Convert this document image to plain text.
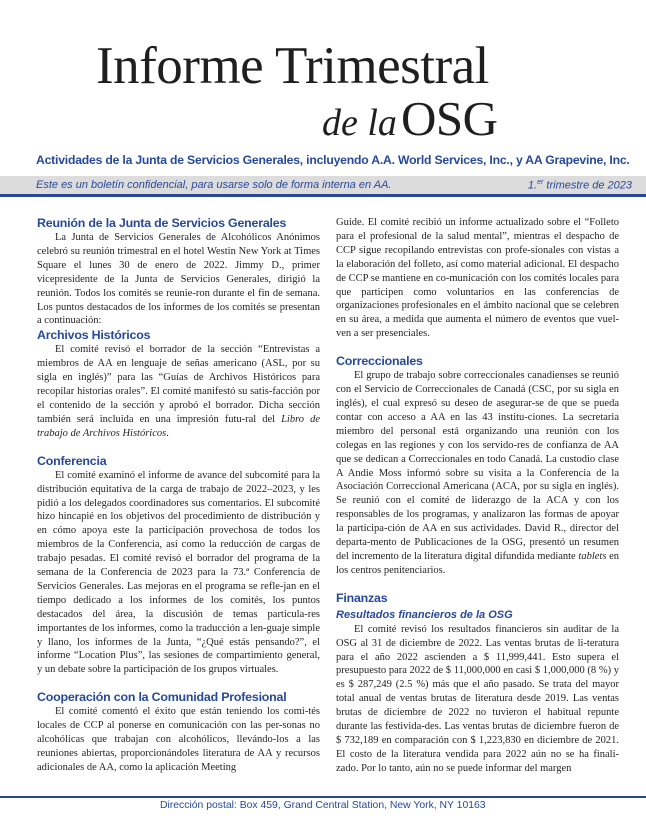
Informe Trimestral
de la OSG
Actividades de la Junta de Servicios Generales, incluyendo A.A. World Services, Inc., y AA Grapevine, Inc.
Este es un boletín confidencial, para usarse solo de forma interna en AA.	1.$^{er}$ trimestre de 2023
Reunión de la Junta de Servicios Generales

La Junta de Servicios Generales de Alcohólicos Anónimos celebró su reunión trimestral en el hotel Westin New York at Times Square el lunes 30 de enero de 2022. Jimmy D., primer vicepresidente de la Junta de Servicios Generales, dirigió la reunión. Todos los comités se reunie-ron durante el fin de semana. Los puntos destacados de los informes de los comités se presentan a continuación:

Archivos Históricos

El comité revisó el borrador de la sección “Entrevistas a miembros de AA en lenguaje de señas americano (ASL, por su sigla en inglés)” para las “Guías de Archivos Históricos para recopilar historias orales”. El comité manifestó su satis-facción por el contenido de la sección y aprobó el borrador. Dicha sección también será incluida en una impresión futu-ral del Libro de trabajo de Archivos Históricos.

Conferencia

El comité examinó el informe de avance del subcomité para la distribución equitativa de la carga de trabajo de 2022–2023, y les pidió a los delegados coordinadores sus comentarios. El subcomité hizo hincapié en los objetivos del procedimiento de distribución y en cómo apoya este la participación provechosa de todos los miembros de la Conferencia, así como la reducción de cargas de trabajo pesadas. El comité revisó el borrador del programa de la semana de la Conferencia de 2023 para la 73.ª Conferencia de Servicios Generales. Las mejoras en el programa se refle-jan en el tiempo dedicado a los informes de los comités, los puntos destacados del área, la discusión de temas particula-res importantes de los informes, como la traducción a len-guaje simple y llano, los informes de la Junta, “¿Qué estás pensando?”, el informe “Location Plus”, las sesiones de compartimiento general, y un debate sobre la participación de los grupos virtuales.

Cooperación con la Comunidad Profesional

El comité comentó el éxito que están teniendo los comi-tés locales de CCP al ponerse en comunicación con las per-sonas no alcohólicas que trabajan con alcohólicos, llevándo-los a las reuniones abiertas, proporcionándoles literatura de AA y recursos adicionales de AA, como la aplicación Meeting

Guide. El comité recibió un informe actualizado sobre el “Folleto para el profesional de la salud mental”, mientras el despacho de CCP sigue recopilando entrevistas con profe-sionales con vistas a la elaboración del folleto, así como material adicional. El despacho de CCP se mantiene en co-municación con los comités locales para que participen como voluntarios en las conferencias de organizaciones profesionales en el ámbito nacional que se celebren en su área, a medida que aumenta el número de eventos que vuel-ven a ser presenciales.

Correccionales

El grupo de trabajo sobre correccionales canadienses se reunió con el Servicio de Correccionales de Canadá (CSC, por su sigla en inglés), el cual expresó su deseo de asegurar-se de que se pueda contar con acceso a AA en las 43 institu-ciones. La secretaria miembro del personal está organizando una reunión con los colegas en las regiones y con los servido-res de confianza de AA que se dedican a Correccionales en todo Canadá. La custodio clase A Andie Moss informó sobre su visita a la Conferencia de la Asociación Correccional Americana (ACA, por su sigla en inglés). Se reunió con el comité de liderazgo de la ACA y con los responsables de los programas, y analizaron las formas de apoyar la participa-ción de AA en sus actividades. David R., director del departa-mento de Publicaciones de la OSG, presentó un resumen del incremento de la literatura digital difundida mediante tablets en los centros penitenciarios.

Finanzas
Resultados financieros de la OSG

El comité revisó los resultados financieros sin auditar de la OSG al 31 de diciembre de 2022. Las ventas brutas de li-teratura para el año 2022 ascienden a $ 11,999,441. Esto supera el presupuesto para 2022 de $ 11,000,000 en casi $ 1,000,000 (8 %) y es $ 287,249 (2.5 %) más que el año pasado. Se trata del mayor total anual de ventas brutas de literatura desde 2019. Las ventas brutas de diciembre de 2022 no tuvieron el habitual repunte durante las festivida-des. Las ventas brutas de diciembre fueron de $ 732,189 en comparación con $ 1,223,830 en diciembre de 2021. El costo de la literatura vendida para 2022 aún no se ha finali-zado. Por lo tanto, aún no se puede informar del margen

Dirección postal: Box 459, Grand Central Station, New York, NY 10163
